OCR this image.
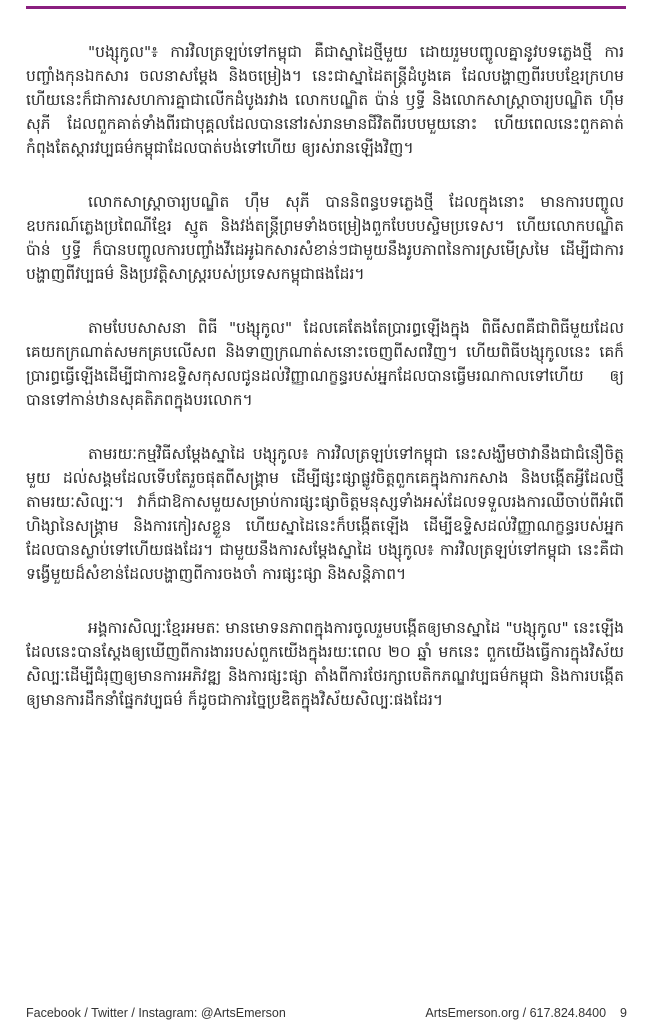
"បង្សុកូល"៖ ការវិលត្រឡប់ទៅកម្ពុជា គឺជាស្នាដៃថ្មីមួយ ដោយរួមបញ្ចូលគ្នានូវបទភ្លេងថ្មី ការបញ្ចាំងកុនឯកសារ ចលនាសម្ដែង និងចម្រៀង។ នេះជាស្នាដៃតន្ត្រីដំបូងគេ ដែលបង្ហាញពីរបបខ្មែរក្រហម ហើយនេះក៏ជាការសហការគ្នាជាលើកដំបូងរវាង លោកបណ្ឌិត ប៉ាន់ ឫទ្ធី និងលោកសាស្ត្រាចារ្យបណ្ឌិត ហ៊ឹម សុភី ដែលពួកគាត់ទាំងពីរជាបុគ្គលដែលបាននៅរស់រានមានជីវិតពីរបបមួយនោះ ហើយពេលនេះពួកគាត់កំពុងតែស្ដារវប្បធម៌កម្ពុជាដែលបាត់បង់ទៅហើយ ឲ្យរស់រានឡើងវិញ។

លោកសាស្ត្រាចារ្យបណ្ឌិត ហ៊ឹម សុភី បាននិពន្ធបទភ្លេងថ្មី ដែលក្នុងនោះ មានការបញ្ចូលឧបករណ៍ភ្លេងប្រពៃណីខ្មែរ ស្មូត និងវង់តន្ត្រីព្រមទាំងចម្រៀងពួកបែបបស្ចិមប្រទេស។ ហើយលោកបណ្ឌិត ប៉ាន់ ឫទ្ធី ក៏បានបញ្ចូលការបញ្ចាំងវីដេអូឯកសារសំខាន់ៗជាមួយនឹងរូបភាពនៃការស្រមើស្រមៃ ដើម្បីជាការបង្ហាញពីវប្បធម៌ និងប្រវត្តិសាស្ត្ររបស់ប្រទេសកម្ពុជាផងដែរ។

តាមបែបសាសនា ពិធី "បង្សុកូល" ដែលគេតែងតែប្រារព្ធឡើងក្នុង ពិធីសពគឺជាពិធីមួយដែលគេយកក្រណាត់សមកគ្របលើសព និងទាញក្រណាត់សនោះចេញពីសពវិញ។ ហើយពិធីបង្សុកូលនេះ គេក៏ប្រារព្ធធ្វើឡើងដើម្បីជាការឧទ្ទិសកុសលជូនដល់វិញ្ញាណក្ខន្ធរបស់អ្នកដែលបានធ្វើមរណកាលទៅហើយ ឲ្យបានទៅកាន់ឋានសុគតិភពក្នុងបរលោក។

តាមរយៈកម្មវិធីសម្ដែងស្នាដៃ បង្សុកូល៖ ការវិលត្រឡប់ទៅកម្ពុជា នេះសង្ឃឹមថាវានឹងជាជំនឿចិត្តមួយ ដល់សង្គមដែលទើបតែរួចផុតពីសង្គ្រាម ដើម្បីផ្សះផ្សាផ្លូវចិត្តពួកគេក្នុងការកសាង និងបង្កើតអ្វីដែលថ្មីតាមរយៈសិល្បៈ។ វាក៏ជាឱកាសមួយសម្រាប់ការផ្សះផ្សាចិត្តមនុស្សទាំងអស់ដែលទទួលរងការឈឺចាប់ពីអំពើហិង្សានៃសង្គ្រាម និងការកៀរសខ្លួន ហើយស្នាដៃនេះក៏បង្កើតឡើង ដើម្បីឧទ្ទិសដល់វិញ្ញាណក្ខន្ធរបស់អ្នកដែលបានស្លាប់ទៅហើយផងដែរ។ ជាមួយនឹងការសម្ដែងស្នាដៃ បង្សុកូល៖ ការវិលត្រឡប់ទៅកម្ពុជា នេះគឺជាទង្វើមួយដ៏សំខាន់ដែលបង្ហាញពីការចងចាំ ការផ្សះផ្សា និងសន្តិភាព។

អង្គការសិល្បៈខ្មែរអមតៈ មានមោទនភាពក្នុងការចូលរួមបង្កើតឲ្យមានស្នាដៃ "បង្សុកូល" នេះឡើង ដែលនេះបានស្ដែងឲ្យឃើញពីការងាររបស់ពួកយើងក្នុងរយៈពេល ២០ ឆ្នាំ មកនេះ ពួកយើងធ្វើការក្នុងវិស័យសិល្បៈដើម្បីជំរុញឲ្យមានការអភិវឌ្ឍ និងការផ្សះផ្សា តាំងពីការថែរក្សាបេតិកភណ្ឌវប្បធម៌កម្ពុជា និងការបង្កើតឲ្យមានការដឹកនាំផ្នែកវប្បធម៌ ក៏ដូចជាការច្នៃប្រឌិតក្នុងវិស័យសិល្បៈផងដែរ។

Facebook / Twitter / Instagram: @ArtsEmerson	ArtsEmerson.org / 617.824.8400 9
